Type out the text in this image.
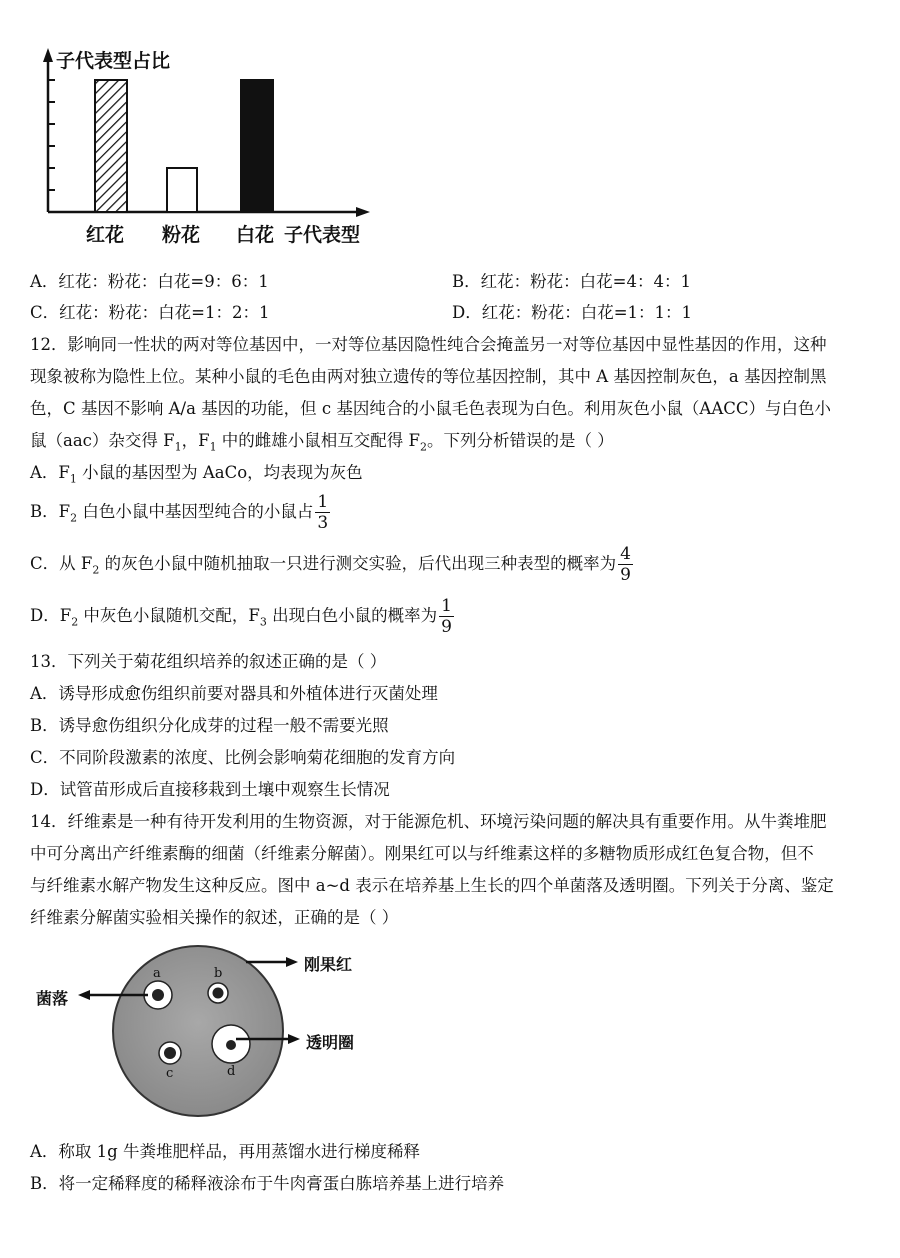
子代表型占比
红花 粉花 白花 子代表型
A．红花：粉花：白花=9：6：1	B．红花：粉花：白花=4：4：1
C．红花：粉花：白花=1：2：1	D．红花：粉花：白花=1：1：1
12．影响同一性状的两对等位基因中，一对等位基因隐性纯合会掩盖另一对等位基因中显性基因的作用，这种
现象被称为隐性上位。某种小鼠的毛色由两对独立遗传的等位基因控制，其中 A 基因控制灰色，a 基因控制黑
色，C 基因不影响 A/a 基因的功能，但 c 基因纯合的小鼠毛色表现为白色。利用灰色小鼠（AACC）与白色小
鼠（aac）杂交得 $F_1$，$F_1$ 中的雌雄小鼠相互交配得 $F_2$。下列分析错误的是（ ）
A．$F_1$ 小鼠的基因型为 AaCo，均表现为灰色
B．$F_2$ 白色小鼠中基因型纯合的小鼠占 $\frac{1}{3}$
C．从 $F_2$ 的灰色小鼠中随机抽取一只进行测交实验，后代出现三种表型的概率为 $\frac{4}{9}$
D．$F_2$ 中灰色小鼠随机交配，$F_3$ 出现白色小鼠的概率为 $\frac{1}{9}$
13．下列关于菊花组织培养的叙述正确的是（ ）
A．诱导形成愈伤组织前要对器具和外植体进行灭菌处理
B．诱导愈伤组织分化成芽的过程一般不需要光照
C．不同阶段激素的浓度、比例会影响菊花细胞的发育方向
D．试管苗形成后直接移栽到土壤中观察生长情况
14．纤维素是一种有待开发利用的生物资源，对于能源危机、环境污染问题的解决具有重要作用。从牛粪堆肥
中可分离出产纤维素酶的细菌（纤维素分解菌）。刚果红可以与纤维素这样的多糖物质形成红色复合物，但不
与纤维素水解产物发生这种反应。图中 a~d 表示在培养基上生长的四个单菌落及透明圈。下列关于分离、鉴定
纤维素分解菌实验相关操作的叙述，正确的是（ ）
刚果红
菌落
透明圈
a	b
c	d
A．称取 1g 牛粪堆肥样品，再用蒸馏水进行梯度稀释
B．将一定稀释度的稀释液涂布于牛肉膏蛋白胨培养基上进行培养
